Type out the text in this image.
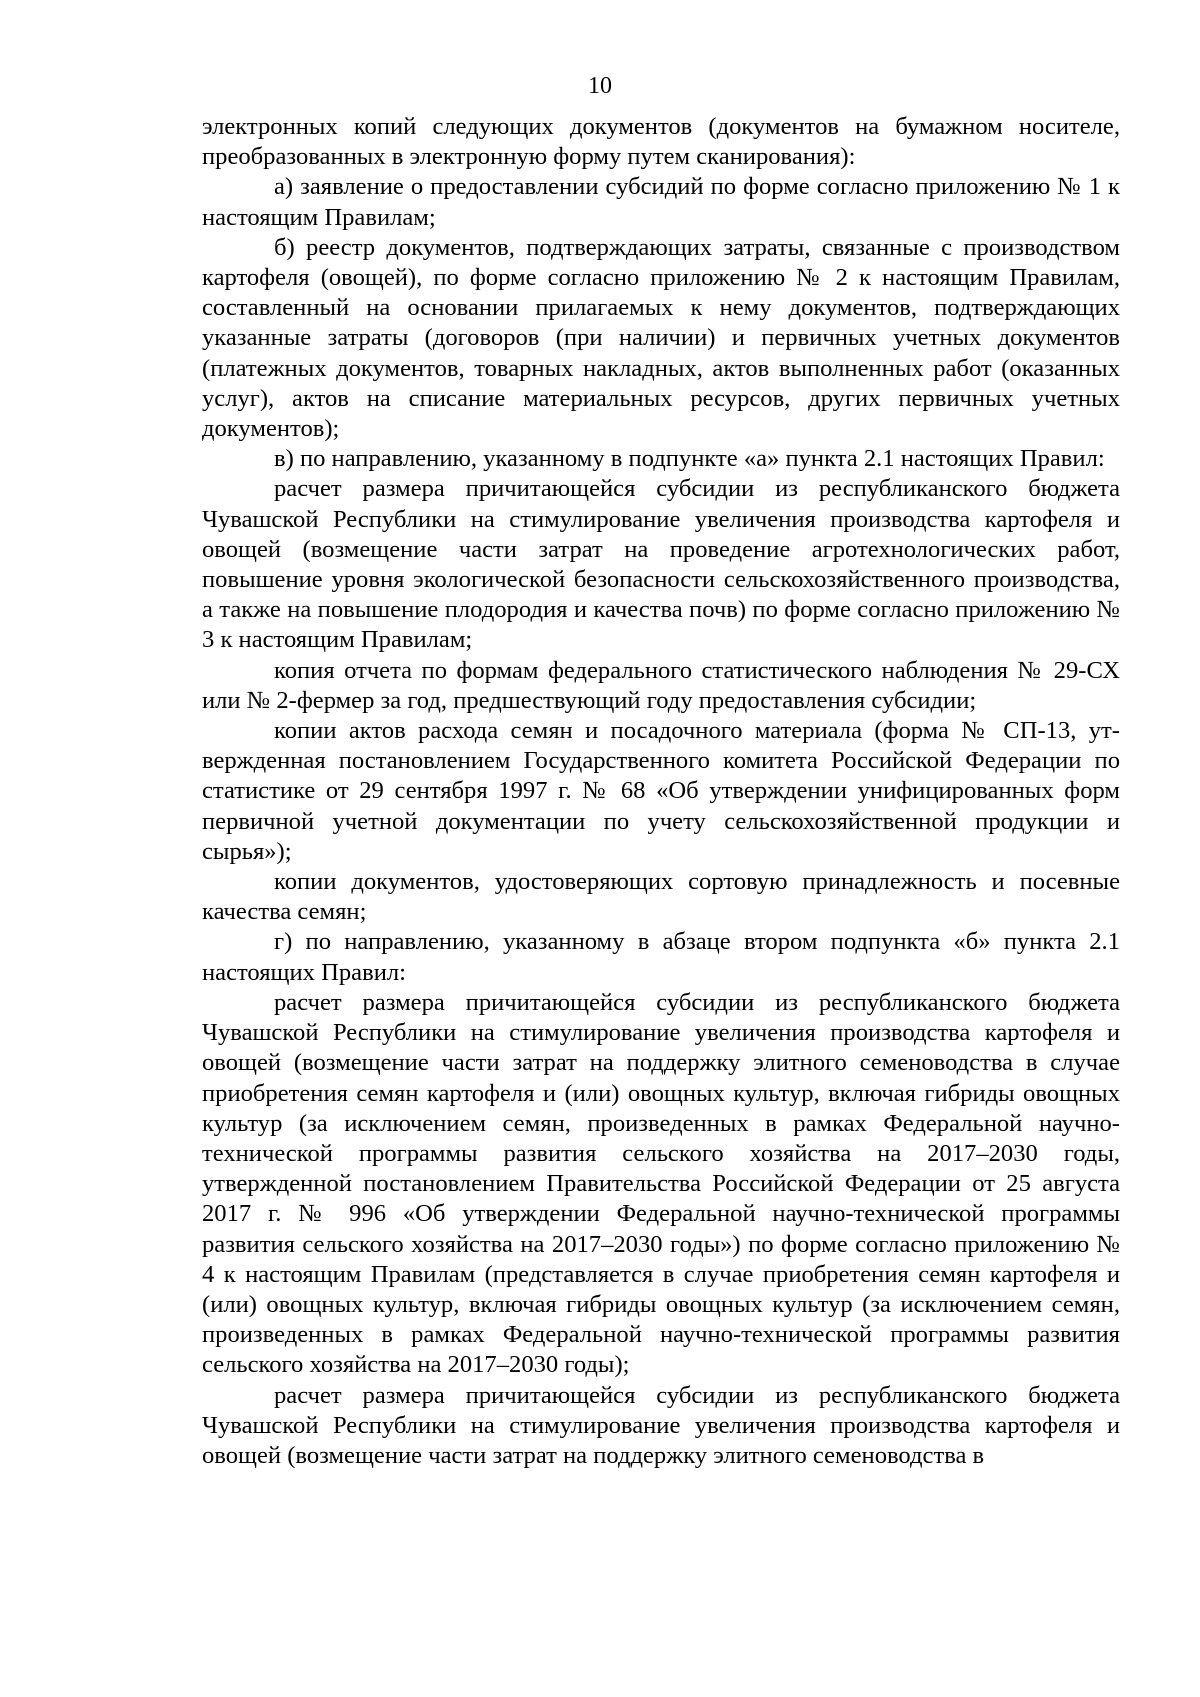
10

электронных копий следующих документов (документов на бумажном носителе, преобразованных в электронную форму путем сканирования):

а) заявление о предоставлении субсидий по форме согласно приложению № 1 к настоящим Правилам;

б) реестр документов, подтверждающих затраты, связанные с производством картофеля (овощей), по форме согласно приложению № 2 к настоящим Правилам, составленный на основании прилагаемых к нему документов, подтверждающих указанные затраты (договоров (при наличии) и первичных учетных документов (платежных документов, товарных накладных, актов выполненных работ (оказанных услуг), актов на списание материальных ресурсов, других первичных учетных документов);

в) по направлению, указанному в подпункте «а» пункта 2.1 настоящих Правил:

расчет размера причитающейся субсидии из республиканского бюджета Чувашской Республики на стимулирование увеличения производства картофеля и овощей (возмещение части затрат на проведение агротехнологических работ, повышение уровня экологической безопасности сельскохозяйственного производства, а также на повышение плодородия и качества почв) по форме согласно приложению № 3 к настоящим Правилам;

копия отчета по формам федерального статистического наблюдения № 29-СХ или № 2-фермер за год, предшествующий году предоставления субсидии;

копии актов расхода семян и посадочного материала (форма № СП-13, утвержденная постановлением Государственного комитета Российской Федерации по статистике от 29 сентября 1997 г. № 68 «Об утверждении унифицированных форм первичной учетной документации по учету сельскохозяйственной продукции и сырья»);

копии документов, удостоверяющих сортовую принадлежность и посевные качества семян;

г) по направлению, указанному в абзаце втором подпункта «б» пункта 2.1 настоящих Правил:

расчет размера причитающейся субсидии из республиканского бюджета Чувашской Республики на стимулирование увеличения производства картофеля и овощей (возмещение части затрат на поддержку элитного семеноводства в случае приобретения семян картофеля и (или) овощных культур, включая гибриды овощных культур (за исключением семян, произведенных в рамках Федеральной научно-технической программы развития сельского хозяйства на 2017–2030 годы, утвержденной постановлением Правительства Российской Федерации от 25 августа 2017 г. № 996 «Об утверждении Федеральной научно-технической программы развития сельского хозяйства на 2017–2030 годы») по форме согласно приложению № 4 к настоящим Правилам (представляется в случае приобретения семян картофеля и (или) овощных культур, включая гибриды овощных культур (за исключением семян, произведенных в рамках Федеральной научно-технической программы развития сельского хозяйства на 2017–2030 годы);

расчет размера причитающейся субсидии из республиканского бюджета Чувашской Республики на стимулирование увеличения производства картофеля и овощей (возмещение части затрат на поддержку элитного семеноводства в
